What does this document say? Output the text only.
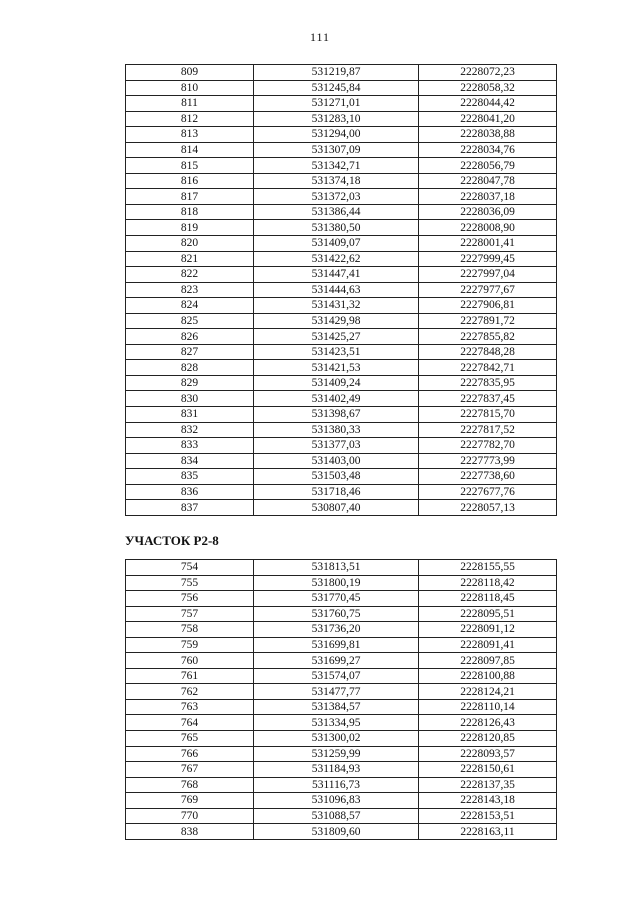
111
809	531219,87	2228072,23
810	531245,84	2228058,32
811	531271,01	2228044,42
812	531283,10	2228041,20
813	531294,00	2228038,88
814	531307,09	2228034,76
815	531342,71	2228056,79
816	531374,18	2228047,78
817	531372,03	2228037,18
818	531386,44	2228036,09
819	531380,50	2228008,90
820	531409,07	2228001,41
821	531422,62	2227999,45
822	531447,41	2227997,04
823	531444,63	2227977,67
824	531431,32	2227906,81
825	531429,98	2227891,72
826	531425,27	2227855,82
827	531423,51	2227848,28
828	531421,53	2227842,71
829	531409,24	2227835,95
830	531402,49	2227837,45
831	531398,67	2227815,70
832	531380,33	2227817,52
833	531377,03	2227782,70
834	531403,00	2227773,99
835	531503,48	2227738,60
836	531718,46	2227677,76
837	530807,40	2228057,13
УЧАСТОК Р2-8
754	531813,51	2228155,55
755	531800,19	2228118,42
756	531770,45	2228118,45
757	531760,75	2228095,51
758	531736,20	2228091,12
759	531699,81	2228091,41
760	531699,27	2228097,85
761	531574,07	2228100,88
762	531477,77	2228124,21
763	531384,57	2228110,14
764	531334,95	2228126,43
765	531300,02	2228120,85
766	531259,99	2228093,57
767	531184,93	2228150,61
768	531116,73	2228137,35
769	531096,83	2228143,18
770	531088,57	2228153,51
838	531809,60	2228163,11
